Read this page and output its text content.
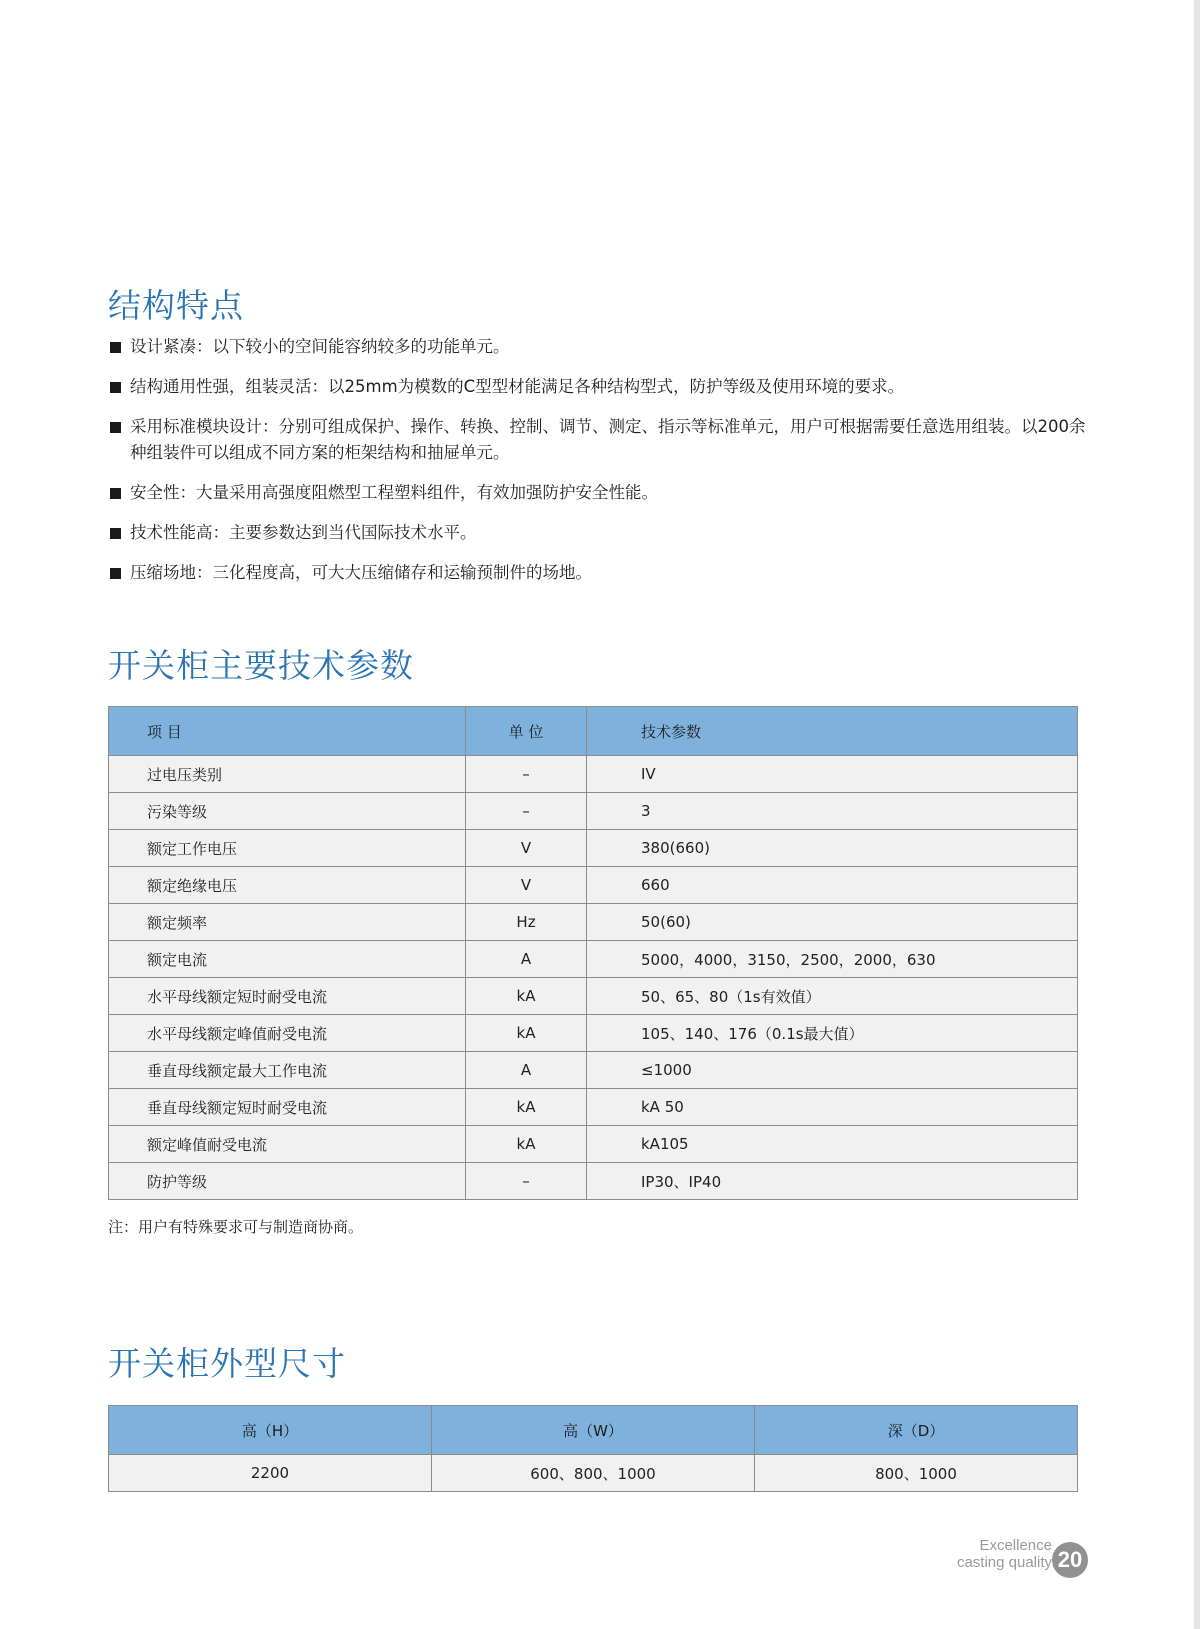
结构特点
设计紧凑：以下较小的空间能容纳较多的功能单元。
结构通用性强，组装灵活：以25mm为模数的C型型材能满足各种结构型式，防护等级及使用环境的要求。
采用标准模块设计：分别可组成保护、操作、转换、控制、调节、测定、指示等标准单元，用户可根据需要任意选用组装。以200余种组装件可以组成不同方案的柜架结构和抽屉单元。
安全性：大量采用高强度阻燃型工程塑料组件，有效加强防护安全性能。
技术性能高：主要参数达到当代国际技术水平。
压缩场地：三化程度高，可大大压缩储存和运输预制件的场地。
开关柜主要技术参数
项 目	单 位	技术参数
过电压类别	–	IV
污染等级	–	3
额定工作电压	V	380(660)
额定绝缘电压	V	660
额定频率	Hz	50(60)
额定电流	A	5000，4000，3150，2500，2000，630
水平母线额定短时耐受电流	kA	50、65、80（1s有效值）
水平母线额定峰值耐受电流	kA	105、140、176（0.1s最大值）
垂直母线额定最大工作电流	A	≤1000
垂直母线额定短时耐受电流	kA	kA 50
额定峰值耐受电流	kA	kA105
防护等级	–	IP30、IP40

注：用户有特殊要求可与制造商协商。

开关柜外型尺寸
高（H）	高（W）	深（D）
2200	600、800、1000	800、1000
Excellence
casting quality 20
